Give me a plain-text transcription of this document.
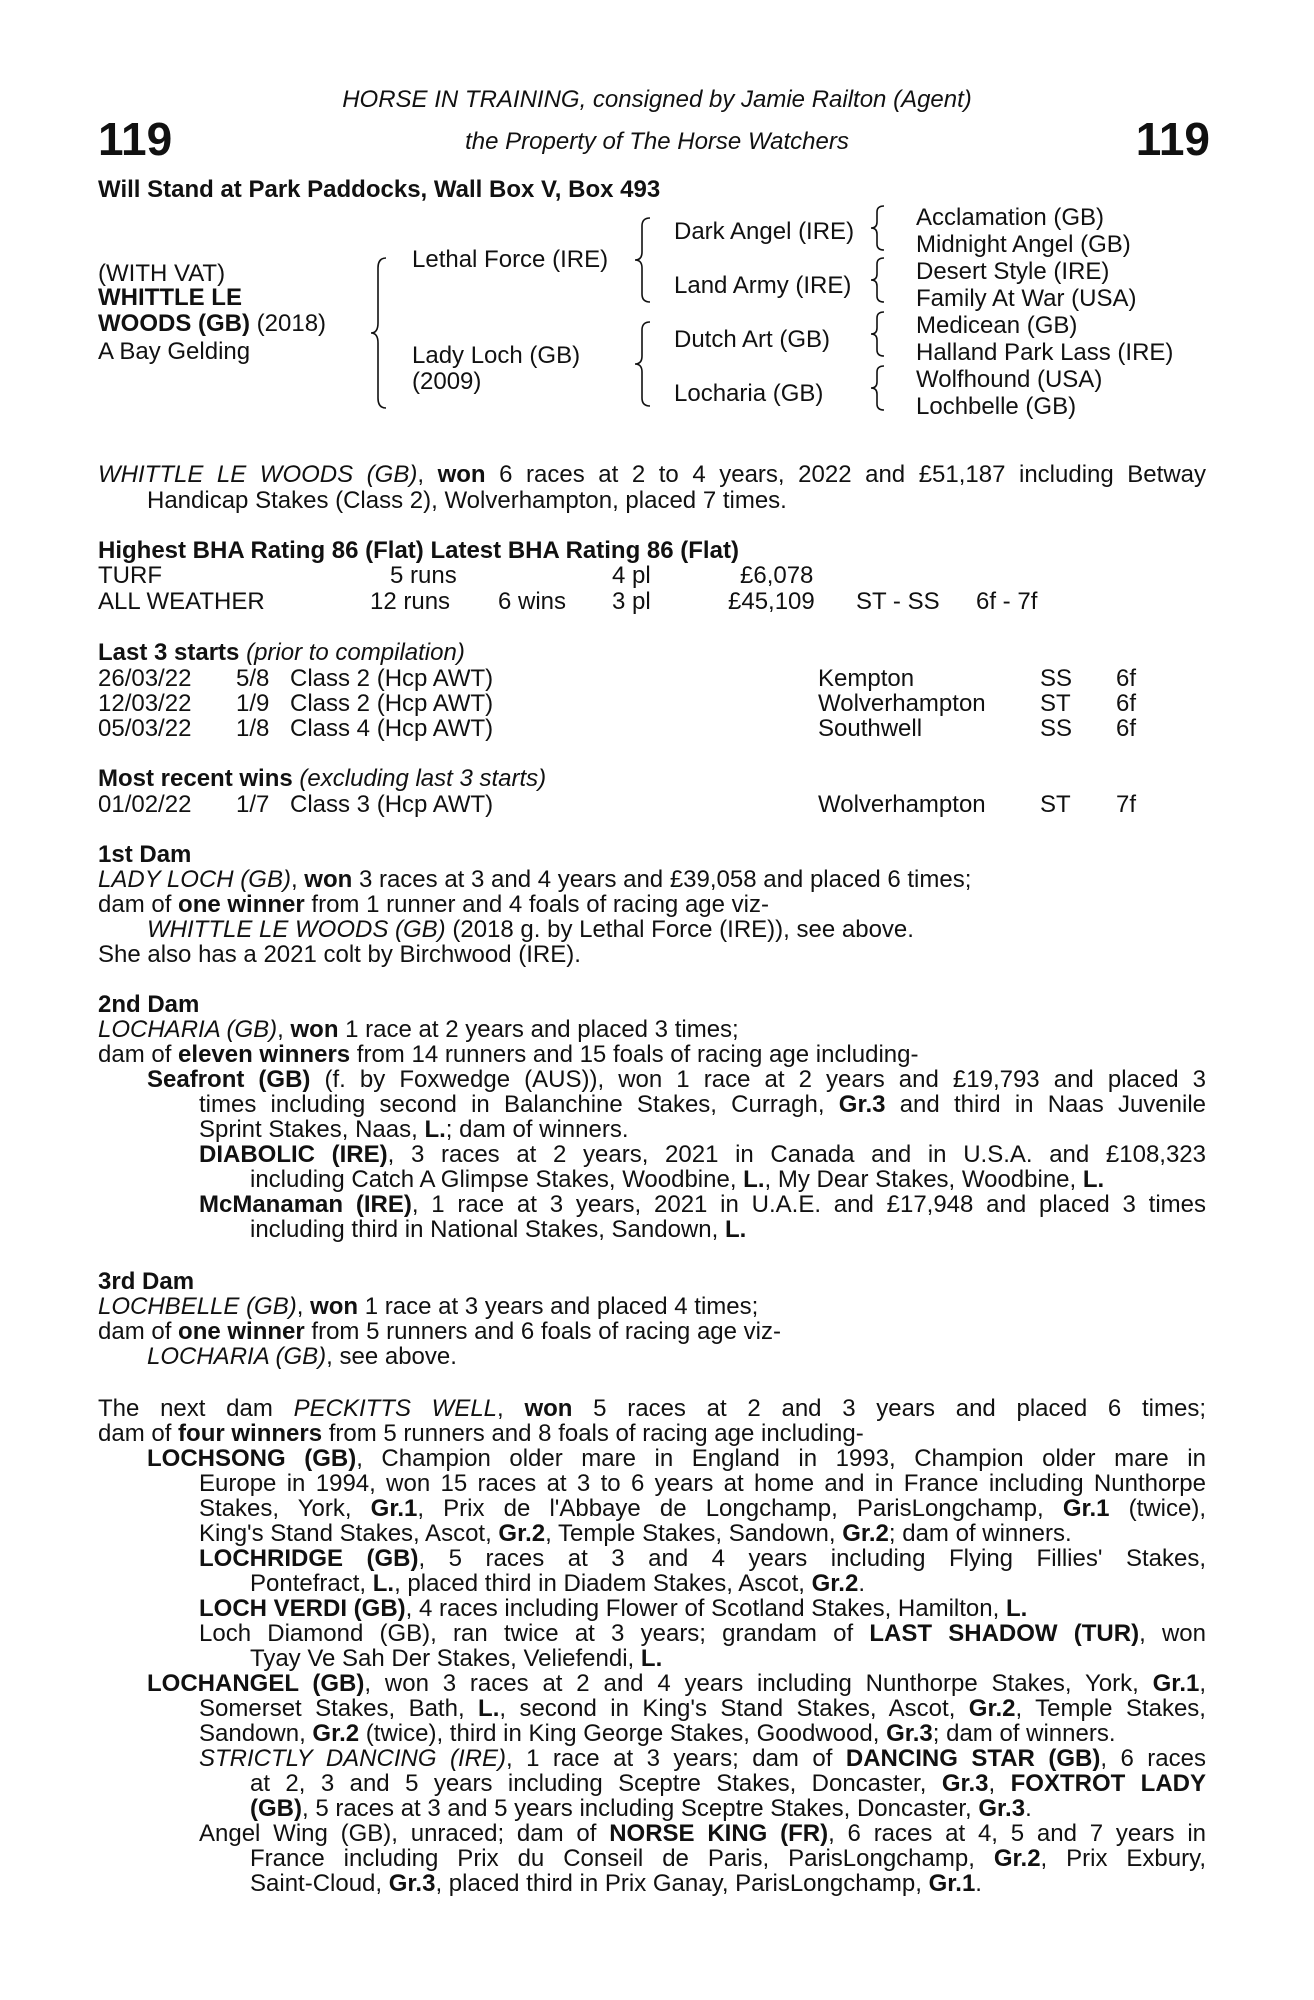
119	119
HORSE IN TRAINING, consigned by Jamie Railton (Agent)
the Property of The Horse Watchers
Will Stand at Park Paddocks, Wall Box V, Box 493
(WITH VAT)
WHITTLE LE
WOODS (GB) (2018)
A Bay Gelding
Lethal Force (IRE)
Lady Loch (GB)
(2009)
Dark Angel (IRE)
Land Army (IRE)
Dutch Art (GB)
Locharia (GB)
Acclamation (GB)
Midnight Angel (GB)
Desert Style (IRE)
Family At War (USA)
Medicean (GB)
Halland Park Lass (IRE)
Wolfhound (USA)
Lochbelle (GB)
WHITTLE LE WOODS (GB), won 6 races at 2 to 4 years, 2022 and £51,187 including Betway
Handicap Stakes (Class 2), Wolverhampton, placed 7 times.
Highest BHA Rating 86 (Flat) Latest BHA Rating 86 (Flat)
TURF	5 runs	4 pl	£6,078
ALL WEATHER	12 runs 6 wins 3 pl	£45,109 ST - SS 6f - 7f
Last 3 starts (prior to compilation)
26/03/22 5/8 Class 2 (Hcp AWT)	Kempton	SS 6f
12/03/22 1/9 Class 2 (Hcp AWT)	Wolverhampton ST 6f
05/03/22 1/8 Class 4 (Hcp AWT)	Southwell	SS 6f
Most recent wins (excluding last 3 starts)
01/02/22 1/7 Class 3 (Hcp AWT)	Wolverhampton ST 7f
1st Dam
LADY LOCH (GB), won 3 races at 3 and 4 years and £39,058 and placed 6 times;
dam of one winner from 1 runner and 4 foals of racing age viz-
WHITTLE LE WOODS (GB) (2018 g. by Lethal Force (IRE)), see above.
She also has a 2021 colt by Birchwood (IRE).
2nd Dam
LOCHARIA (GB), won 1 race at 2 years and placed 3 times;
dam of eleven winners from 14 runners and 15 foals of racing age including-
Seafront (GB) (f. by Foxwedge (AUS)), won 1 race at 2 years and £19,793 and placed 3
times including second in Balanchine Stakes, Curragh, Gr.3 and third in Naas Juvenile
Sprint Stakes, Naas, L.; dam of winners.
DIABOLIC (IRE), 3 races at 2 years, 2021 in Canada and in U.S.A. and £108,323
including Catch A Glimpse Stakes, Woodbine, L., My Dear Stakes, Woodbine, L.
McManaman (IRE), 1 race at 3 years, 2021 in U.A.E. and £17,948 and placed 3 times
including third in National Stakes, Sandown, L.
3rd Dam
LOCHBELLE (GB), won 1 race at 3 years and placed 4 times;
dam of one winner from 5 runners and 6 foals of racing age viz-
LOCHARIA (GB), see above.
The next dam PECKITTS WELL, won 5 races at 2 and 3 years and placed 6 times;
dam of four winners from 5 runners and 8 foals of racing age including-
LOCHSONG (GB), Champion older mare in England in 1993, Champion older mare in
Europe in 1994, won 15 races at 3 to 6 years at home and in France including Nunthorpe
Stakes, York, Gr.1, Prix de l'Abbaye de Longchamp, ParisLongchamp, Gr.1 (twice),
King's Stand Stakes, Ascot, Gr.2, Temple Stakes, Sandown, Gr.2; dam of winners.
LOCHRIDGE (GB), 5 races at 3 and 4 years including Flying Fillies' Stakes,
Pontefract, L., placed third in Diadem Stakes, Ascot, Gr.2.
LOCH VERDI (GB), 4 races including Flower of Scotland Stakes, Hamilton, L.
Loch Diamond (GB), ran twice at 3 years; grandam of LAST SHADOW (TUR), won
Tyay Ve Sah Der Stakes, Veliefendi, L.
LOCHANGEL (GB), won 3 races at 2 and 4 years including Nunthorpe Stakes, York, Gr.1,
Somerset Stakes, Bath, L., second in King's Stand Stakes, Ascot, Gr.2, Temple Stakes,
Sandown, Gr.2 (twice), third in King George Stakes, Goodwood, Gr.3; dam of winners.
STRICTLY DANCING (IRE), 1 race at 3 years; dam of DANCING STAR (GB), 6 races
at 2, 3 and 5 years including Sceptre Stakes, Doncaster, Gr.3, FOXTROT LADY
(GB), 5 races at 3 and 5 years including Sceptre Stakes, Doncaster, Gr.3.
Angel Wing (GB), unraced; dam of NORSE KING (FR), 6 races at 4, 5 and 7 years in
France including Prix du Conseil de Paris, ParisLongchamp, Gr.2, Prix Exbury,
Saint-Cloud, Gr.3, placed third in Prix Ganay, ParisLongchamp, Gr.1.
